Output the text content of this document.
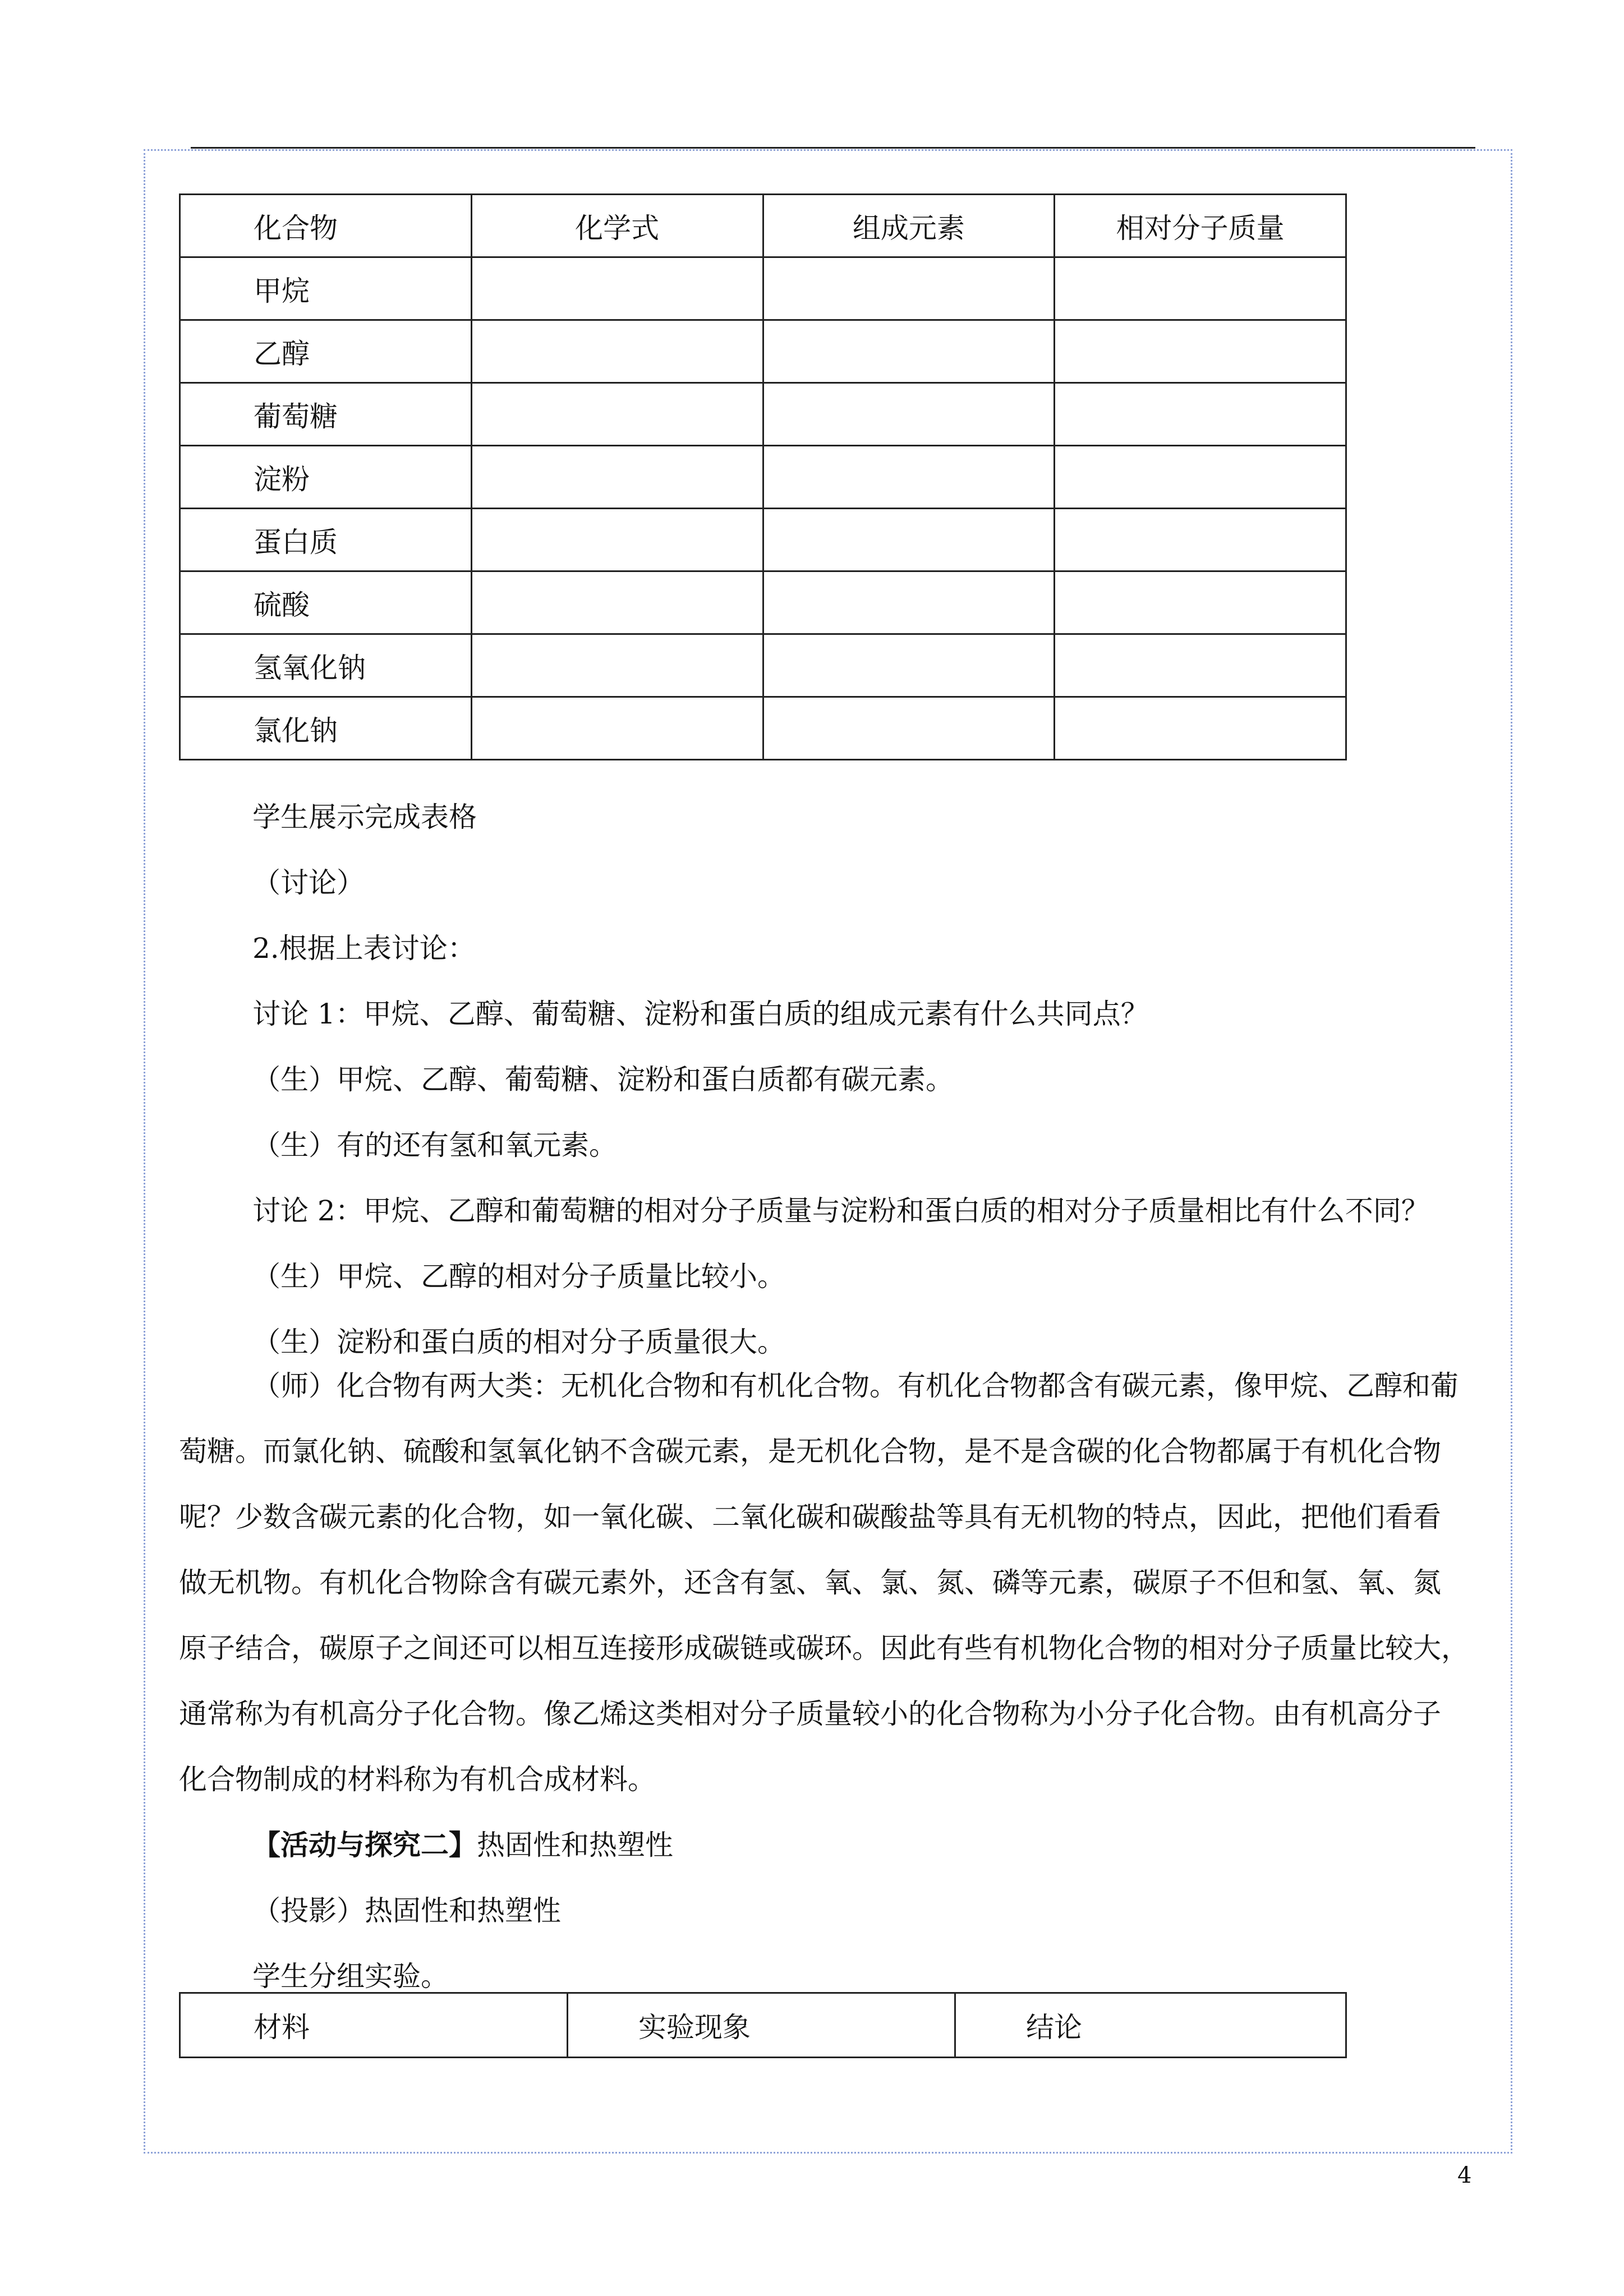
化合物	化学式	组成元素	相对分子质量
甲烷			
乙醇			
葡萄糖			
淀粉			
蛋白质			
硫酸			
氢氧化钠			
氯化钠			
学生展示完成表格
（讨论）
2.根据上表讨论：
讨论 1：甲烷、乙醇、葡萄糖、淀粉和蛋白质的组成元素有什么共同点？
（生）甲烷、乙醇、葡萄糖、淀粉和蛋白质都有碳元素。
（生）有的还有氢和氧元素。
讨论 2：甲烷、乙醇和葡萄糖的相对分子质量与淀粉和蛋白质的相对分子质量相比有什么不同？
（生）甲烷、乙醇的相对分子质量比较小。
（生）淀粉和蛋白质的相对分子质量很大。
（师）化合物有两大类：无机化合物和有机化合物。有机化合物都含有碳元素，像甲烷、乙醇和葡
萄糖。而氯化钠、硫酸和氢氧化钠不含碳元素，是无机化合物，是不是含碳的化合物都属于有机化合物
呢？少数含碳元素的化合物，如一氧化碳、二氧化碳和碳酸盐等具有无机物的特点，因此，把他们看看
做无机物。有机化合物除含有碳元素外，还含有氢、氧、氯、氮、磷等元素，碳原子不但和氢、氧、氮
原子结合，碳原子之间还可以相互连接形成碳链或碳环。因此有些有机物化合物的相对分子质量比较大，
通常称为有机高分子化合物。像乙烯这类相对分子质量较小的化合物称为小分子化合物。由有机高分子
化合物制成的材料称为有机合成材料。
【活动与探究二】热固性和热塑性
（投影）热固性和热塑性
学生分组实验。
材料	实验现象	结论
4
